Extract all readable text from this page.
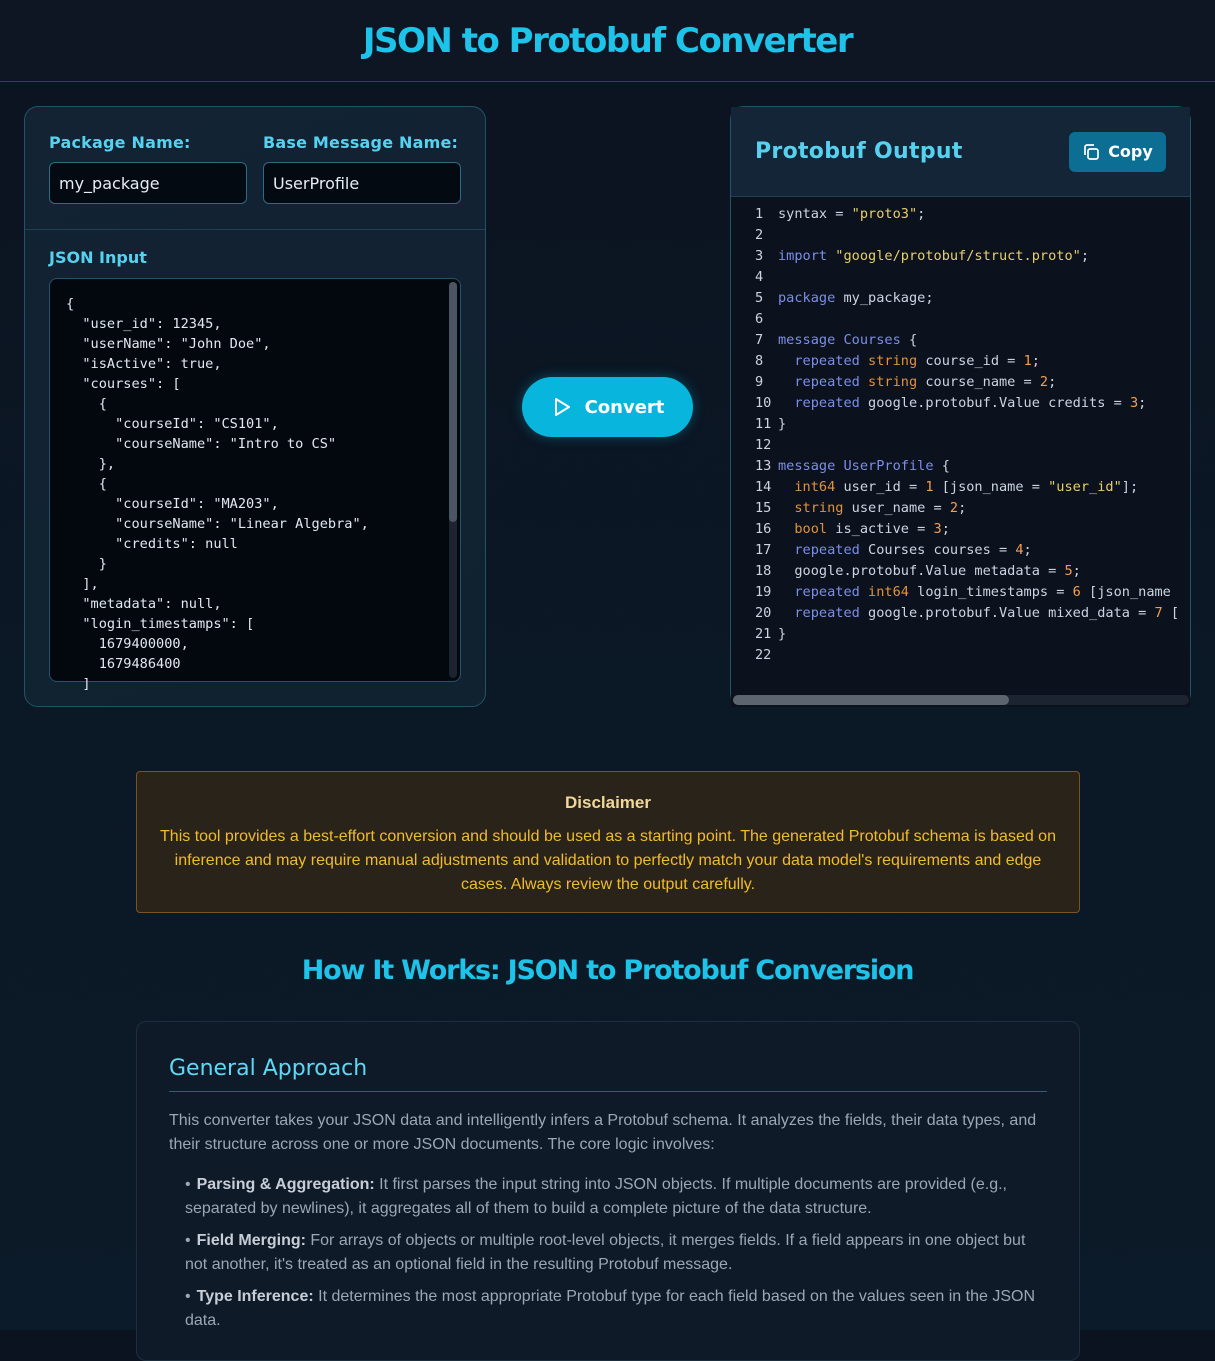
JSON to Protobuf Converter
Package Name:
my_package
Base Message Name:
UserProfile
JSON Input
{
"user_id": 12345,
"userName": "John Doe",
"isActive": true,
"courses": [
{
"courseId": "CS101",
"courseName": "Intro to CS"
},
{
"courseId": "MA203",
"courseName": "Linear Algebra",
"credits": null
}
],
"metadata": null,
"login_timestamps": [
1679400000,
1679486400
]
Convert
Protobuf Output	Copy
1	syntax = "proto3";
2
3	import "google/protobuf/struct.proto";
4
5	package my_package;
6
7	message Courses {
8	repeated string course_id = 1;
9	repeated string course_name = 2;
10	repeated google.protobuf.Value credits = 3;
11 }
12
13 message UserProfile {
14	int64 user_id = 1 [json_name = "user_id"];
15	string user_name = 2;
16	bool is_active = 3;
17	repeated Courses courses = 4;
18 google.protobuf.Value metadata = 5;
19	repeated int64 login_timestamps = 6 [json_name
20	repeated google.protobuf.Value mixed_data = 7 [
21 }
22
Disclaimer

This tool provides a best-effort conversion and should be used as a starting point. The generated Protobuf schema is based on inference and may require manual adjustments and validation to perfectly match your data model's requirements and edge cases. Always review the output carefully.

How It Works: JSON to Protobuf Conversion
General Approach

This converter takes your JSON data and intelligently infers a Protobuf schema. It analyzes the fields, their data types, and their structure across one or more JSON documents. The core logic involves:

• Parsing & Aggregation: It first parses the input string into JSON objects. If multiple documents are provided (e.g., separated by newlines), it aggregates all of them to build a complete picture of the data structure.
• Field Merging: For arrays of objects or multiple root-level objects, it merges fields. If a field appears in one object but not another, it's treated as an optional field in the resulting Protobuf message.
• Type Inference: It determines the most appropriate Protobuf type for each field based on the values seen in the JSON data.
